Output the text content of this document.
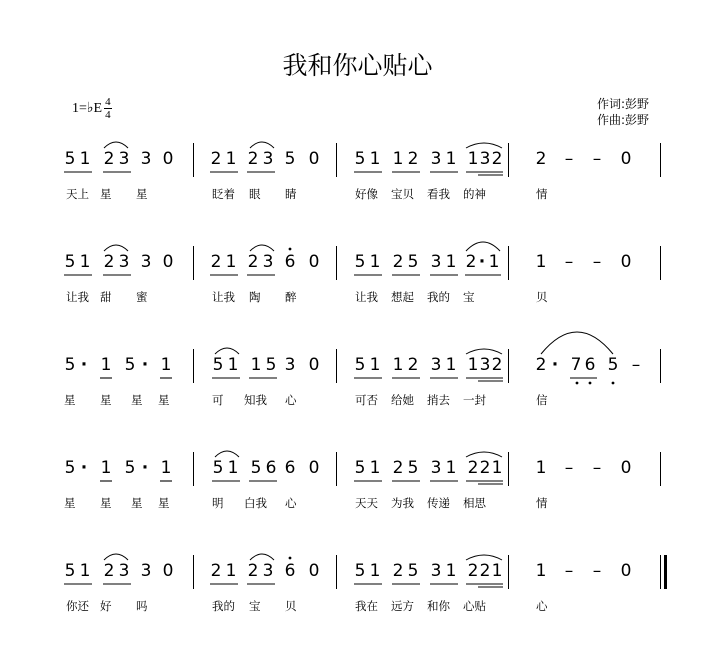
我和你心贴心
1=♭E $\frac{4}{4}$	作词:彭野
作曲:彭野
5 1 2 3 3 0 2 1 2 3 5 0 5 1 1 2 3 1 1 3 2 2 – – 0
天上 星 星	眨着 眼 睛	好像 宝贝 看我 的神	情
5 1 2 3 3 0 2 1 2 3 6 0 5 1 2 5 3 1 2 · 1 1 – – 0
让我 甜 蜜	让我 陶 醉	让我 想起 我的 宝	贝
5 · 1 5 · 1 5 1 1 5 3 0 5 1 1 2 3 1 1 3 2 2 · 7 6 5 –
星 星 星 星	可 知我 心	可否 给她 捎去 一封	信
5 · 1 5 · 1 5 1 5 6 6 0 5 1 2 5 3 1 2 2 1 1 – – 0
星 星 星 星	明 白我 心	天天 为我 传递 相思	情
5 1 2 3 3 0 2 1 2 3 6 0 5 1 2 5 3 1 2 2 1 1 – – 0
你还 好 吗	我的 宝 贝	我在 远方 和你 心贴	心
